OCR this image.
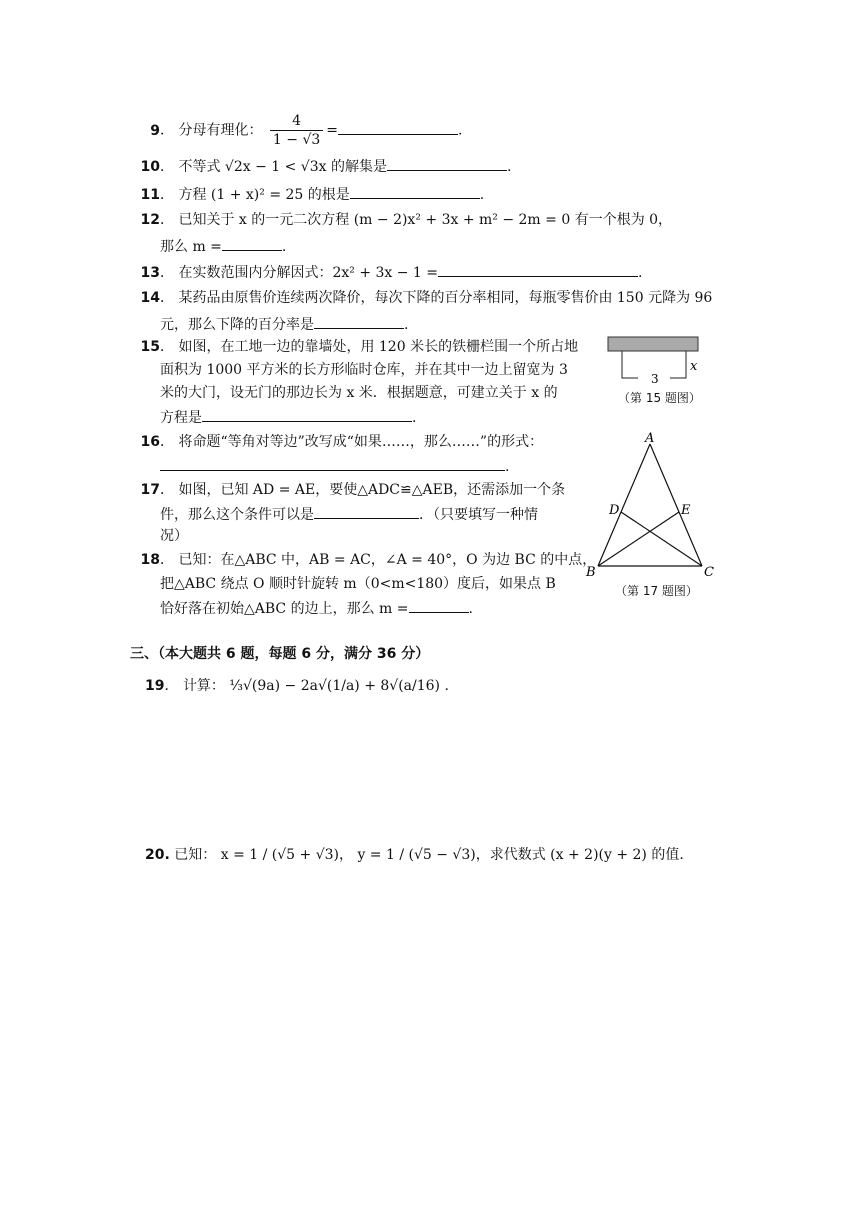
9． 分母有理化： $\frac{4}{1 - √3}$ =	.
10． 不等式 √2x − 1 < √3x 的解集是	.
11． 方程 (1 + x)² = 25 的根是	.
12． 已知关于 x 的一元二次方程 (m − 2)x² + 3x + m² − 2m = 0 有一个根为 0，
那么 m =	.
13． 在实数范围内分解因式：2x² + 3x − 1 =	.
14． 某药品由原售价连续两次降价，每次下降的百分率相同，每瓶零售价由 150 元降为 96
元，那么下降的百分率是	.
15． 如图，在工地一边的靠墙处，用 120 米长的铁栅栏围一个所占地
面积为 1000 平方米的长方形临时仓库，并在其中一边上留宽为 3
米的大门，设无门的那边长为 x 米．根据题意，可建立关于 x 的
方程是	.
3
x
（第 15 题图）
16． 将命题“等角对等边”改写成“如果……，那么……”的形式：
.
17． 如图，已知 AD = AE，要使△ADC≌△AEB，还需添加一个条
件，那么这个条件可以是	．（只要填写一种情
况）
18． 已知：在△ABC 中，AB = AC，∠A = 40°，O 为边 BC 的中点，
把△ABC 绕点 O 顺时针旋转 m（0<m<180）度后，如果点 B
恰好落在初始△ABC 的边上，那么 m =	.
A
B	C
D	E
（第 17 题图）
三、（本大题共 6 题，每题 6 分，满分 36 分）
19． 计算： ⅓√(9a) − 2a√(1/a) + 8√(a/16) .
20. 已知： x = 1 / (√5 + √3)， y = 1 / (√5 − √3)，求代数式 (x + 2)(y + 2) 的值.
